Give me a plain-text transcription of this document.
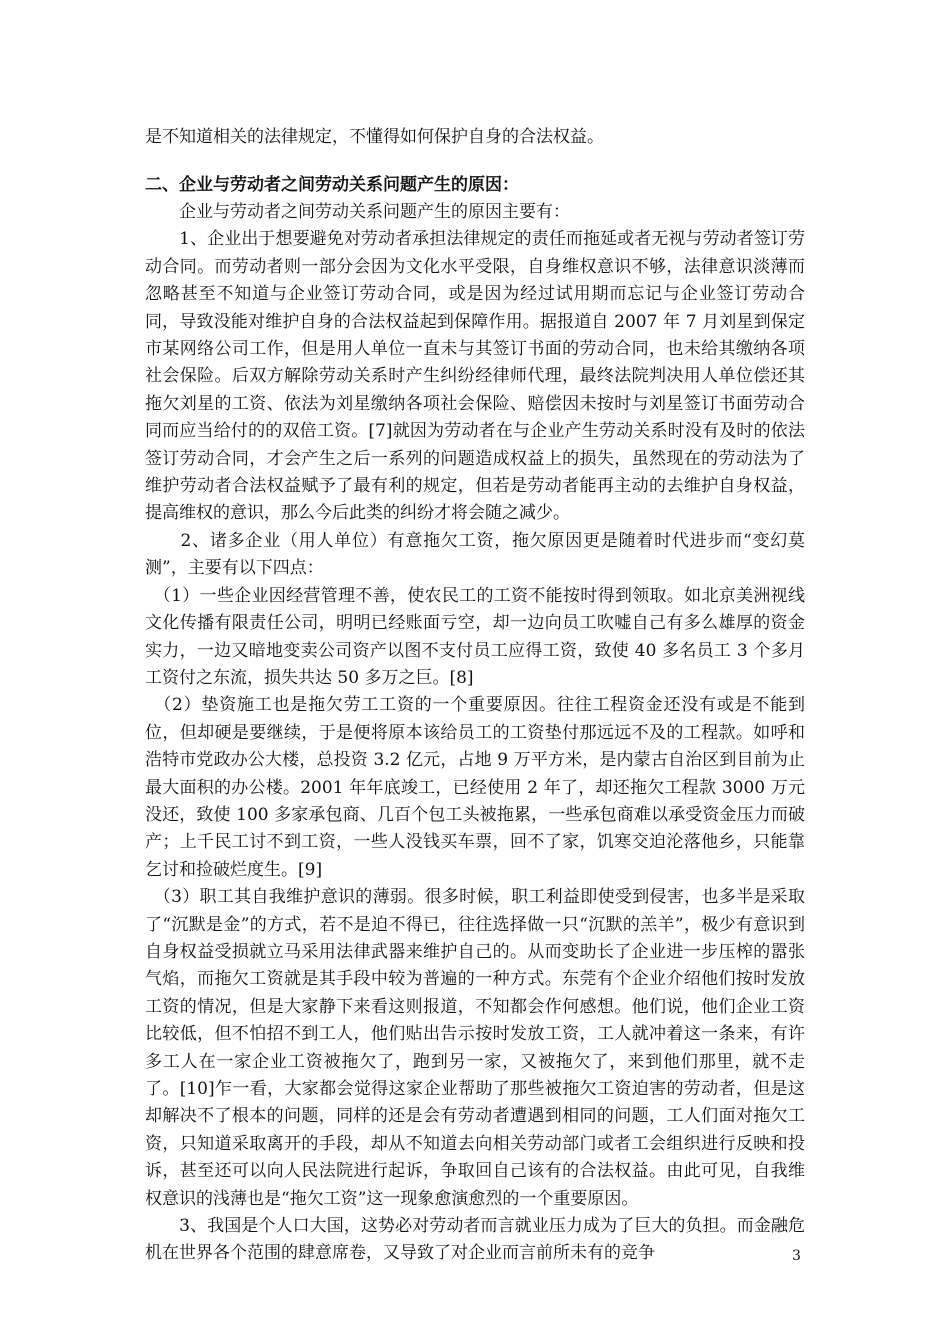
是不知道相关的法律规定，不懂得如何保护自身的合法权益。

二、企业与劳动者之间劳动关系问题产生的原因：

　　企业与劳动者之间劳动关系问题产生的原因主要有：

　　1、企业出于想要避免对劳动者承担法律规定的责任而拖延或者无视与劳动者签订劳动合同。而劳动者则一部分会因为文化水平受限，自身维权意识不够，法律意识淡薄而忽略甚至不知道与企业签订劳动合同，或是因为经过试用期而忘记与企业签订劳动合同，导致没能对维护自身的合法权益起到保障作用。据报道自 2007 年 7 月刘星到保定市某网络公司工作，但是用人单位一直未与其签订书面的劳动合同，也未给其缴纳各项社会保险。后双方解除劳动关系时产生纠纷经律师代理，最终法院判决用人单位偿还其拖欠刘星的工资、依法为刘星缴纳各项社会保险、赔偿因未按时与刘星签订书面劳动合同而应当给付的的双倍工资。[7]就因为劳动者在与企业产生劳动关系时没有及时的依法签订劳动合同，才会产生之后一系列的问题造成权益上的损失，虽然现在的劳动法为了维护劳动者合法权益赋予了最有利的规定，但若是劳动者能再主动的去维护自身权益，提高维权的意识，那么今后此类的纠纷才将会随之减少。

　　2、诸多企业（用人单位）有意拖欠工资，拖欠原因更是随着时代进步而“变幻莫测”，主要有以下四点：

　（1）一些企业因经营管理不善，使农民工的工资不能按时得到领取。如北京美洲视线文化传播有限责任公司，明明已经账面亏空，却一边向员工吹嘘自己有多么雄厚的资金实力，一边又暗地变卖公司资产以图不支付员工应得工资，致使 40 多名员工 3 个多月工资付之东流，损失共达 50 多万之巨。[8]

　（2）垫资施工也是拖欠劳工工资的一个重要原因。往往工程资金还没有或是不能到位，但却硬是要继续，于是便将原本该给员工的工资垫付那远远不及的工程款。如呼和浩特市党政办公大楼，总投资 3.2 亿元，占地 9 万平方米，是内蒙古自治区到目前为止最大面积的办公楼。2001 年年底竣工，已经使用 2 年了，却还拖欠工程款 3000 万元没还，致使 100 多家承包商、几百个包工头被拖累，一些承包商难以承受资金压力而破产；上千民工讨不到工资，一些人没钱买车票，回不了家，饥寒交迫沦落他乡，只能靠乞讨和捡破烂度生。[9]

　（3）职工其自我维护意识的薄弱。很多时候，职工利益即使受到侵害，也多半是采取了“沉默是金”的方式，若不是迫不得已，往往选择做一只“沉默的羔羊”，极少有意识到自身权益受损就立马采用法律武器来维护自己的。从而变助长了企业进一步压榨的嚣张气焰，而拖欠工资就是其手段中较为普遍的一种方式。东莞有个企业介绍他们按时发放工资的情况，但是大家静下来看这则报道，不知都会作何感想。他们说，他们企业工资比较低，但不怕招不到工人，他们贴出告示按时发放工资，工人就冲着这一条来，有许多工人在一家企业工资被拖欠了，跑到另一家，又被拖欠了，来到他们那里，就不走了。[10]乍一看，大家都会觉得这家企业帮助了那些被拖欠工资迫害的劳动者，但是这却解决不了根本的问题，同样的还是会有劳动者遭遇到相同的问题，工人们面对拖欠工资，只知道采取离开的手段，却从不知道去向相关劳动部门或者工会组织进行反映和投诉，甚至还可以向人民法院进行起诉，争取回自己该有的合法权益。由此可见，自我维权意识的浅薄也是“拖欠工资”这一现象愈演愈烈的一个重要原因。

　　3、我国是个人口大国，这势必对劳动者而言就业压力成为了巨大的负担。而金融危机在世界各个范围的肆意席卷，又导致了对企业而言前所未有的竞争	3
